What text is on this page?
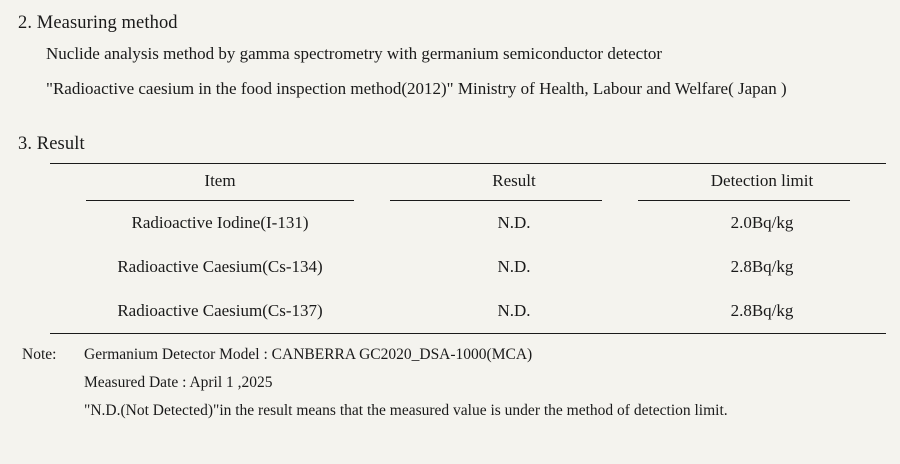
2. Measuring method
Nuclide analysis method by gamma spectrometry with germanium semiconductor detector
"Radioactive caesium in the food inspection method(2012)" Ministry of Health, Labour and Welfare( Japan )
3. Result
Item	Result	Detection limit
Radioactive Iodine(I-131)	N.D.	2.0Bq/kg
Radioactive Caesium(Cs-134)	N.D.	2.8Bq/kg
Radioactive Caesium(Cs-137)	N.D.	2.8Bq/kg
Note:	Germanium Detector Model : CANBERRA GC2020_DSA-1000(MCA)
Measured Date : April 1 ,2025
"N.D.(Not Detected)"in the result means that the measured value is under the method of detection limit.
